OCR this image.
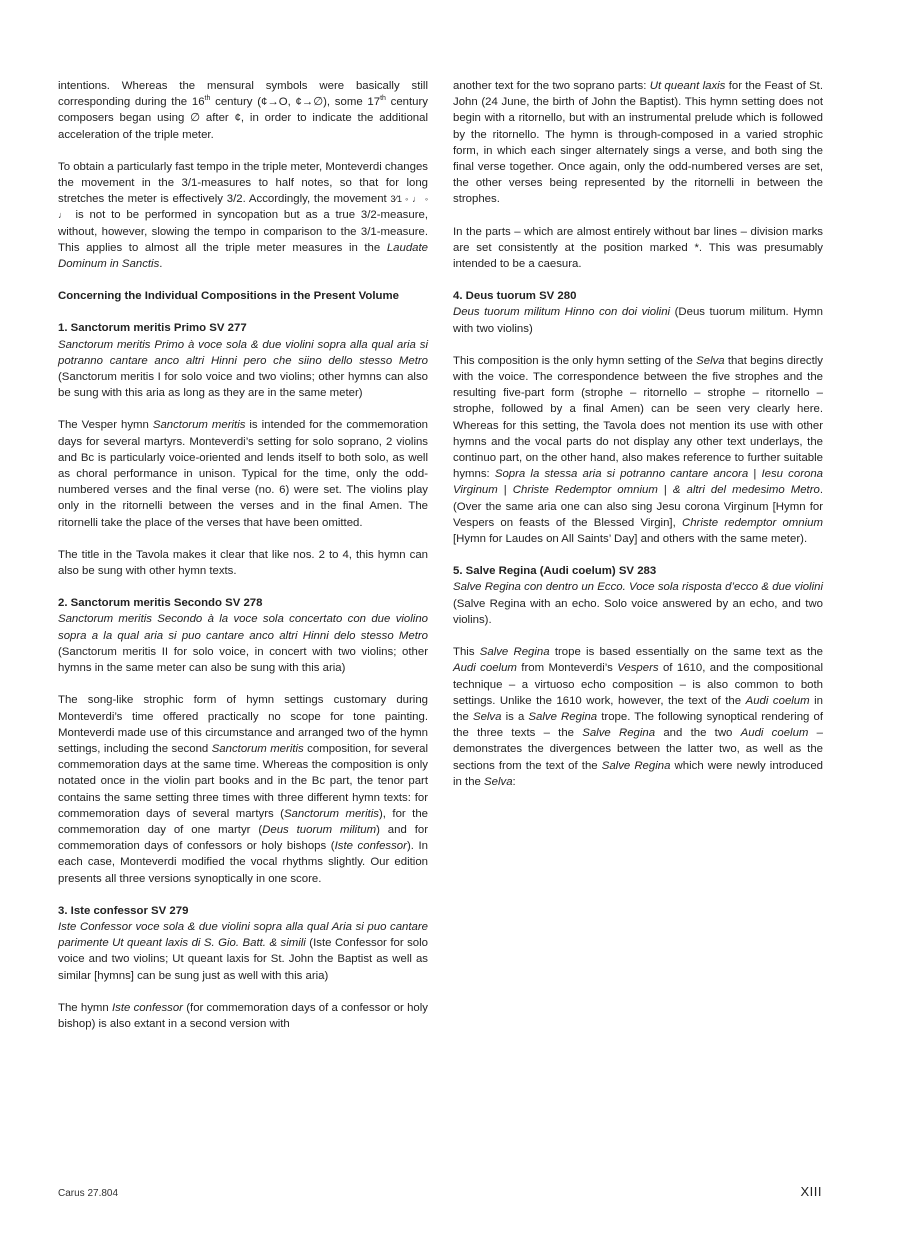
intentions. Whereas the mensural symbols were basically still corresponding during the 16th century (¢→O, ¢→∅), some 17th century composers began using ∅ after ¢, in order to indicate the additional acceleration of the triple meter.

To obtain a particularly fast tempo in the triple meter, Monteverdi changes the movement in the 3/1-measures to half notes, so that for long stretches the meter is effectively 3/2. Accordingly, the movement 3⁄1 ◦ ♩ ◦ ♩ is not to be performed in syncopation but as a true 3/2-measure, without, however, slowing the tempo in comparison to the 3/1-measure. This applies to almost all the triple meter measures in the Laudate Dominum in Sanctis.

Concerning the Individual Compositions in the Present Volume
1. Sanctorum meritis Primo SV 277
Sanctorum meritis Primo à voce sola & due violini sopra alla qual aria si potranno cantare anco altri Hinni pero che siino dello stesso Metro (Sanctorum meritis I for solo voice and two violins; other hymns can also be sung with this aria as long as they are in the same meter)

The Vesper hymn Sanctorum meritis is intended for the commemoration days for several martyrs. Monteverdi’s setting for solo soprano, 2 violins and Bc is particularly voice-oriented and lends itself to both solo, as well as choral performance in unison. Typical for the time, only the odd-numbered verses and the final verse (no. 6) were set. The violins play only in the ritornelli between the verses and in the final Amen. The ritornelli take the place of the verses that have been omitted.

The title in the Tavola makes it clear that like nos. 2 to 4, this hymn can also be sung with other hymn texts.

2. Sanctorum meritis Secondo SV 278
Sanctorum meritis Secondo à la voce sola concertato con due violino sopra a la qual aria si puo cantare anco altri Hinni delo stesso Metro (Sanctorum meritis II for solo voice, in concert with two violins; other hymns in the same meter can also be sung with this aria)

The song-like strophic form of hymn settings customary during Monteverdi’s time offered practically no scope for tone painting. Monteverdi made use of this circumstance and arranged two of the hymn settings, including the second Sanctorum meritis composition, for several commemoration days at the same time. Whereas the composition is only notated once in the violin part books and in the Bc part, the tenor part contains the same setting three times with three different hymn texts: for commemoration days of several martyrs (Sanctorum meritis), for the commemoration day of one martyr (Deus tuorum militum) and for commemoration days of confessors or holy bishops (Iste confessor). In each case, Monteverdi modified the vocal rhythms slightly. Our edition presents all three versions synoptically in one score.

3. Iste confessor SV 279
Iste Confessor voce sola & due violini sopra alla qual Aria si puo cantare parimente Ut queant laxis di S. Gio. Batt. & simili (Iste Confessor for solo voice and two violins; Ut queant laxis for St. John the Baptist as well as similar [hymns] can be sung just as well with this aria)

The hymn Iste confessor (for commemoration days of a confessor or holy bishop) is also extant in a second version with

another text for the two soprano parts: Ut queant laxis for the Feast of St. John (24 June, the birth of John the Baptist). This hymn setting does not begin with a ritornello, but with an instrumental prelude which is followed by the ritornello. The hymn is through-composed in a varied strophic form, in which each singer alternately sings a verse, and both sing the final verse together. Once again, only the odd-numbered verses are set, the other verses being represented by the ritornelli in between the strophes.

In the parts – which are almost entirely without bar lines – division marks are set consistently at the position marked *. This was presumably intended to be a caesura.

4. Deus tuorum SV 280
Deus tuorum militum Hinno con doi violini (Deus tuorum militum. Hymn with two violins)

This composition is the only hymn setting of the Selva that begins directly with the voice. The correspondence between the five strophes and the resulting five-part form (strophe – ritornello – strophe – ritornello – strophe, followed by a final Amen) can be seen very clearly here. Whereas for this setting, the Tavola does not mention its use with other hymns and the vocal parts do not display any other text underlays, the continuo part, on the other hand, also makes reference to further suitable hymns: Sopra la stessa aria si potranno cantare ancora | Iesu corona Virginum | Christe Redemptor omnium | & altri del medesimo Metro. (Over the same aria one can also sing Jesu corona Virginum [Hymn for Vespers on feasts of the Blessed Virgin], Christe redemptor omnium [Hymn for Laudes on All Saints’ Day] and others with the same meter).

5. Salve Regina (Audi coelum) SV 283
Salve Regina con dentro un Ecco. Voce sola risposta d’ecco & due violini (Salve Regina with an echo. Solo voice answered by an echo, and two violins).

This Salve Regina trope is based essentially on the same text as the Audi coelum from Monteverdi’s Vespers of 1610, and the compositional technique – a virtuoso echo composition – is also common to both settings. Unlike the 1610 work, however, the text of the Audi coelum in the Selva is a Salve Regina trope. The following synoptical rendering of the three texts – the Salve Regina and the two Audi coelum – demonstrates the divergences between the latter two, as well as the sections from the text of the Salve Regina which were newly introduced in the Selva:

Carus 27.804	XIII
